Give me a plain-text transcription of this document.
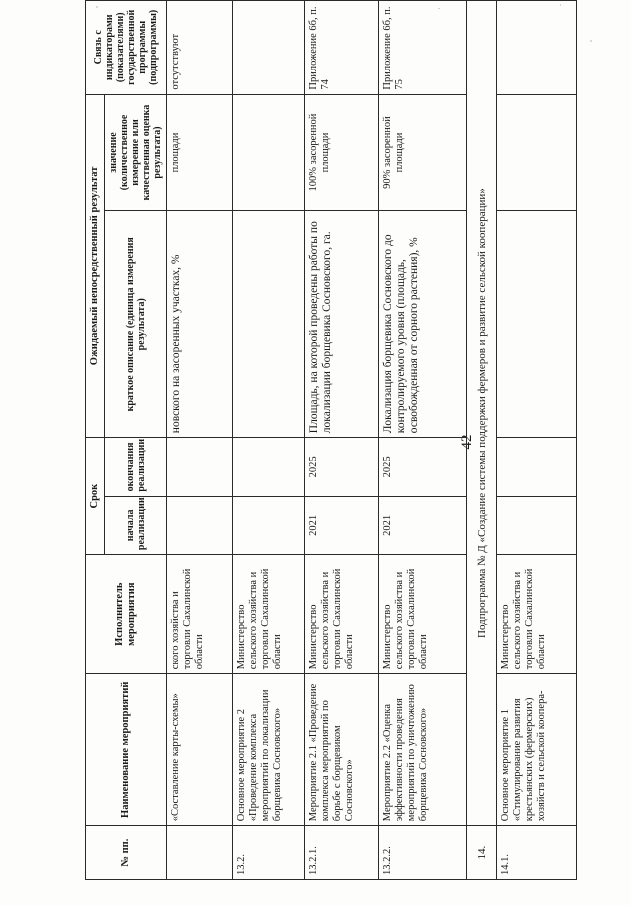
42
№ пп.	Наименование мероприятий	Исполнитель мероприятия	Срок		Ожидаемый непосредственный результат		Связь с индикаторами (показателями) государственной программы (подпрограммы)
			начала реализации	окончания реализации	краткое описание (единица измерения результата)	значение (количественное измерение или качественная оценка результата)	
	«Составление карты-схемы»	ского хозяйства и торговли Сахалинской области			новского на засоренных участках, %	площади	отсутствуют
13.2.	Основное мероприятие 2 «Проведение комплекса мероприятий по локализации борщевика Сосновского»	Министерство сельского хозяйства и торговли Сахалинской области					
13.2.1.	Мероприятие 2.1 «Проведение комплекса мероприятий по борьбе с борщевиком Сосновского»	Министерство сельского хозяйства и торговли Сахалинской области	2021	2025	Площадь, на которой проведены работы по локализации борщевика Сосновского, га.	100% засоренной площади	Приложение 6б, п. 74
13.2.2.	Мероприятие 2.2 «Оценка эффективности проведения мероприятий по уничтожению борщевика Сосновского»	Министерство сельского хозяйства и торговли Сахалинской области	2021	2025	Локализация борщевика Сосновского до контролируемого уровня (площадь, освобожденная от сорного растения), %	90% засоренной площади	Приложение 6б, п. 75
14.	Подпрограмма № Д «Создание системы поддержки фермеров и развитие сельской кооперации»						
14.1.	Основное мероприятие 1 «Стимулирование развития крестьянских (фермерских) хозяйств и сельской коопера-	Министерство сельского хозяйства и торговли Сахалинской области					
